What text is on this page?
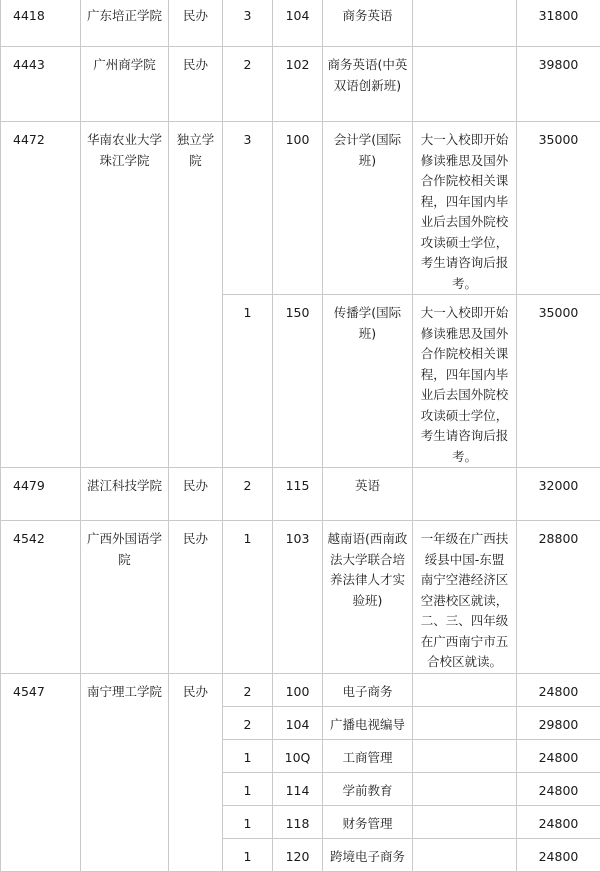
4418	广东培正学院	民办	3	104	商务英语		31800
4443	广州商学院	民办	2	102	商务英语(中英双语创新班)		39800
4472	华南农业大学珠江学院	独立学院	3	100	会计学(国际班)	大一入校即开始修读雅思及国外合作院校相关课程，四年国内毕业后去国外院校攻读硕士学位，考生请咨询后报考。	35000
			1	150	传播学(国际班)	大一入校即开始修读雅思及国外合作院校相关课程，四年国内毕业后去国外院校攻读硕士学位，考生请咨询后报考。	35000
4479	湛江科技学院	民办	2	115	英语		32000
4542	广西外国语学院	民办	1	103	越南语(西南政法大学联合培养法律人才实验班)	一年级在广西扶绥县中国-东盟南宁空港经济区空港校区就读，二、三、四年级在广西南宁市五合校区就读。	28800
4547	南宁理工学院	民办	2	100	电子商务		24800
			2	104	广播电视编导		29800
			1	10Q	工商管理		24800
			1	114	学前教育		24800
			1	118	财务管理		24800
			1	120	跨境电子商务		24800
